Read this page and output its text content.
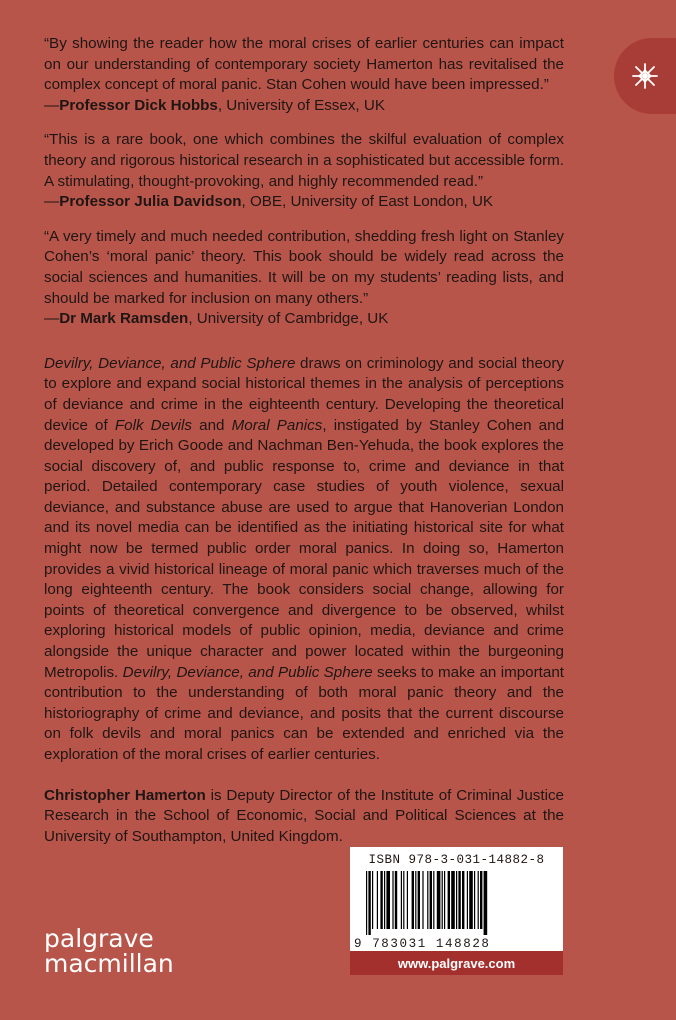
“By showing the reader how the moral crises of earlier centuries can impact on our understanding of contemporary society Hamerton has revitalised the complex concept of moral panic. Stan Cohen would have been impressed.”
—Professor Dick Hobbs, University of Essex, UK

“This is a rare book, one which combines the skilful evaluation of complex theory and rigorous historical research in a sophisticated but accessible form. A stimulating, thought-provoking, and highly recommended read.”
—Professor Julia Davidson, OBE, University of East London, UK

“A very timely and much needed contribution, shedding fresh light on Stanley Cohen’s ‘moral panic’ theory. This book should be widely read across the social sciences and humanities. It will be on my students’ reading lists, and should be marked for inclusion on many others.”
—Dr Mark Ramsden, University of Cambridge, UK

Devilry, Deviance, and Public Sphere draws on criminology and social theory to explore and expand social historical themes in the analysis of perceptions of deviance and crime in the eighteenth century. Developing the theoretical device of Folk Devils and Moral Panics, instigated by Stanley Cohen and developed by Erich Goode and Nachman Ben-Yehuda, the book explores the social discovery of, and public response to, crime and deviance in that period. Detailed contemporary case studies of youth violence, sexual deviance, and substance abuse are used to argue that Hanoverian London and its novel media can be identified as the initiating historical site for what might now be termed public order moral panics. In doing so, Hamerton provides a vivid historical lineage of moral panic which traverses much of the long eighteenth century. The book considers social change, allowing for points of theoretical convergence and divergence to be observed, whilst exploring historical models of public opinion, media, deviance and crime alongside the unique character and power located within the burgeoning Metropolis. Devilry, Deviance, and Public Sphere seeks to make an important contribution to the understanding of both moral panic theory and the historiography of crime and deviance, and posits that the current discourse on folk devils and moral panics can be extended and enriched via the exploration of the moral crises of earlier centuries.

Christopher Hamerton is Deputy Director of the Institute of Criminal Justice Research in the School of Economic, Social and Political Sciences at the University of Southampton, United Kingdom.

ISBN 978-3-031-14882-8
9 783031 148828
www.palgrave.com
palgrave
macmillan
